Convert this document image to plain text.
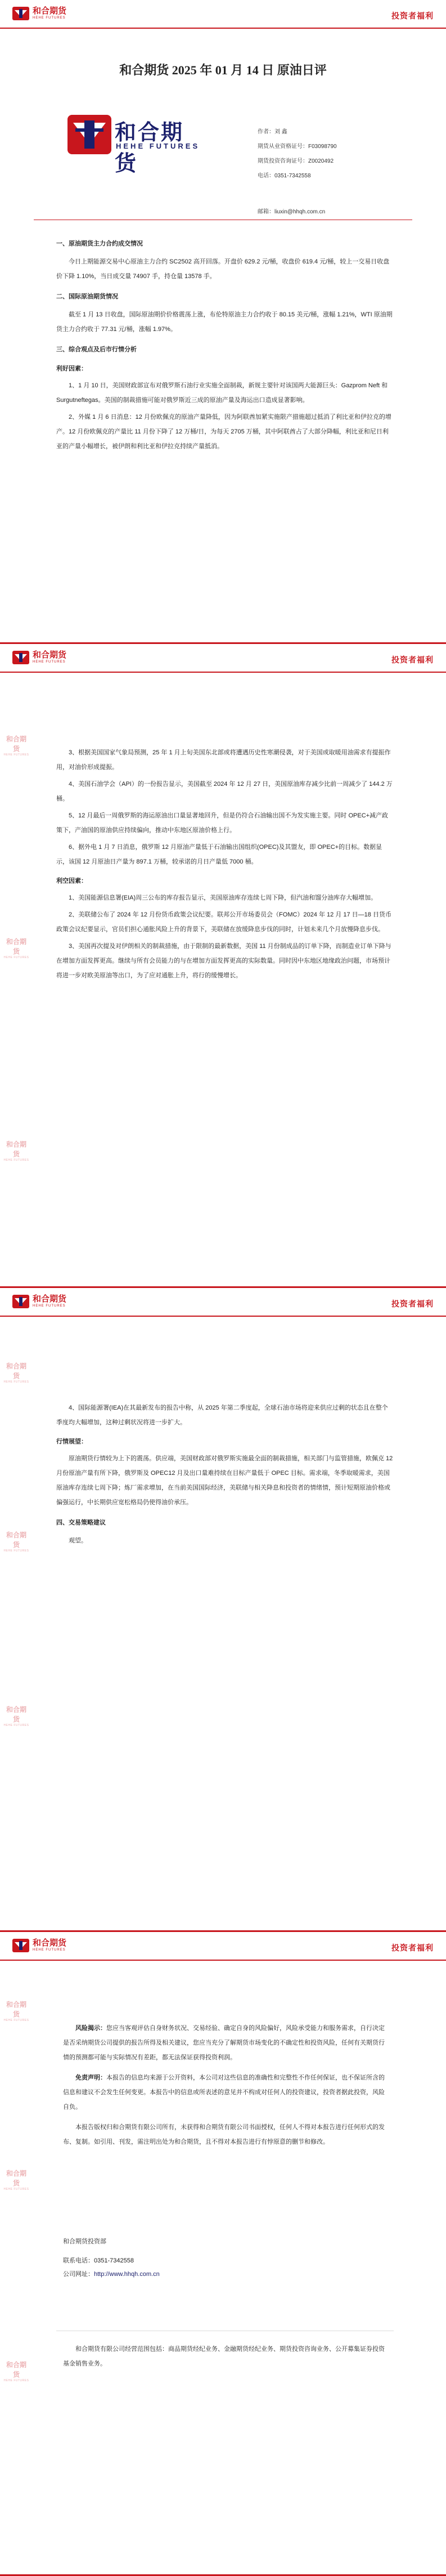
和合期货
HEHE FUTURES	投资者福利
和合期货 2025 年 01 月 14 日 原油日评
和合期货
HEHE FUTURES
作者：刘 鑫
期货从业资格证号：F03098790
期货投资咨询证号：Z0020492
电话：0351-7342558
邮箱：liuxin@hhqh.com.cn

一、原油期货主力合约成交情况

今日上期能源交易中心原油主力合约 SC2502 高开回落。开盘价 629.2 元/桶，收盘价 619.4 元/桶，较上一交易日收盘价下降 1.10%，当日成交量 74907 手，持仓量 13578 手。

二、国际原油期货情况

截至 1 月 13 日收盘，国际原油期价价格震荡上涨，布伦特原油主力合约收于 80.15 美元/桶，涨幅 1.21%，WTI 原油期货主力合约收于 77.31 元/桶，涨幅 1.97%。

三、综合观点及后市行情分析

利好因素：

1、1 月 10 日，美国财政部宣布对俄罗斯石油行业实施全面制裁，新规主要针对该国两大能源巨头：Gazprom Neft 和 Surgutneftegas。美国的制裁措施可能对俄罗斯近三成的原油产量及海运出口造成显著影响。

2、外媒 1 月 6 日消息：12 月份欧佩克的原油产量降低，因为阿联酋加紧实施限产措施超过抵消了利比亚和伊拉克的增产。12 月份欧佩克的产量比 11 月份下降了 12 万桶/日，为每天 2705 万桶，其中阿联酋占了大部分降幅，利比亚和尼日利亚的产量小幅增长，被伊朗和利比亚和伊拉克持续产量抵消。

和合期货
HEHE FUTURES	投资者福利
和合期货
HEHE FUTURES
和合期货
HEHE FUTURES
和合期货
HEHE FUTURES

3、根据美国国家气象局预测，25 年 1 月上旬美国东北部或将遭遇历史性寒潮侵袭，对于美国或取暖用油需求有提振作用，对油价形成提振。

4、美国石油学会（API）的一份报告显示，美国截至 2024 年 12 月 27 日，美国原油库存减少比前一周减少了 144.2 万桶。

5、12 月最后一周俄罗斯的海运原油出口量显著地回升，但是仍符合石油输出国不为发实施主要。同时 OPEC+减产政策下，产油国的原油供应持续偏向，推动中东地区原油价格上行。

6、据外电 1 月 7 日消息，俄罗斯 12 月原油产量低于石油输出国组织(OPEC)及其盟友，即 OPEC+的目标。数据显示，该国 12 月原油日产量为 897.1 万桶，较承诺的月日产量低 7000 桶。

利空因素：

1、美国能源信息署(EIA)周三公布的库存报告显示，美国原油库存连续七周下降，但汽油和馏分油库存大幅增加。

2、美联储公布了 2024 年 12 月份货币政策会议纪要。联邦公开市场委员会（FOMC）2024 年 12 月 17 日—18 日货币政策会议纪要显示，官员们担心通胀风险上升的背景下，美联储在放缓降息步伐的同时，计划未来几个月放慢降息步伐。

3、美国再次提及对伊朗相关的制裁措施，由于限制的最新数据，美国 11 月份制成品的订单下降，而制造业订单下降与在增加方面发挥更高。继续与所有会员能力的与在增加方面发挥更高的实际数量。同时因中东地区地缘政治问题，市场预计将进一步对欧美原油等出口，为了应对通胀上升，将行的缓慢增长。

和合期货
HEHE FUTURES	投资者福利
和合期货
HEHE FUTURES
和合期货
HEHE FUTURES
和合期货
HEHE FUTURES

4、国际能源署(IEA)在其最新发布的报告中称，从 2025 年第二季度起，全球石油市场将迎来供应过剩的状态且在整个季度均大幅增加，这种过剩状况将进一步扩大。

行情展望：

原油期货行情较为上下的震荡。供应端，美国财政部对俄罗斯实施最全面的制裁措施，相关部门与监管措施，欧佩克 12 月份原油产量有所下降，俄罗斯及 OPEC12 月及出口量难持续在目标产量低于 OPEC 目标。需求端，冬季取暖需求，美国原油库存连续七周下降；炼厂需求增加，在当前美国国际经济，美联储与相关降息和投资者的情绪情，预计短期原油价格或偏强运行，中长期供应宽松格局仍使得油价承压。

四、交易策略建议

观望。

和合期货
HEHE FUTURES	投资者福利
和合期货
HEHE FUTURES
和合期货
HEHE FUTURES
和合期货
HEHE FUTURES

风险揭示：您应当客观评估自身财务状况、交易经验、确定自身的风险偏好，风险承受能力和服务需求，自行决定是否采纳期货公司提供的报告所得及相关建议，您应当充分了解期货市场变化的不确定性和投资风险，任何有关期货行情的预测都可能与实际情况有差距，都无法保证获得投资利润。

免责声明：本报告的信息均来源于公开资料，本公司对这些信息的准确性和完整性不作任何保证，也不保证所含的信息和建议不会发生任何变更。本报告中的信息或所表述的意见并不构成对任何人的投资建议，投资者据此投资，风险自负。

本报告版权归和合期货有限公司所有，未获得和合期货有限公司书面授权，任何人不得对本报告进行任何形式的发布、复制。如引用、刊发，需注明出处为和合期货，且不得对本报告进行有悖原意的删节和修改。

和合期货投资部
联系电话：0351-7342558
公司网址：http://www.hhqh.com.cn

和合期货有限公司经营范围包括：商品期货经纪业务、金融期货经纪业务、期货投资咨询业务、公开募集证券投资基金销售业务。
